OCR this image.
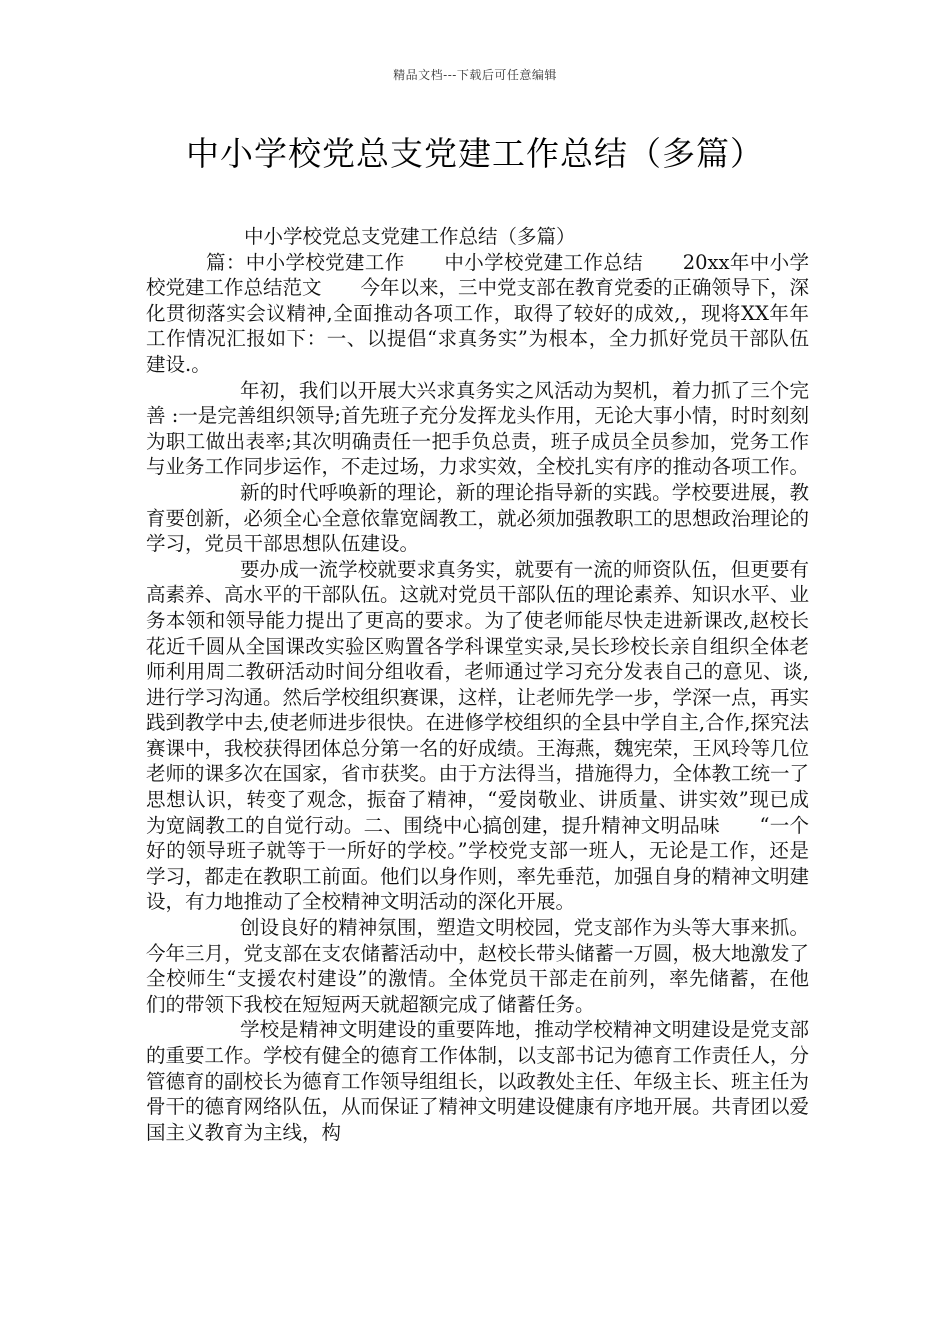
精品文档---下载后可任意编辑
中小学校党总支党建工作总结（多篇）

中小学校党总支党建工作总结（多篇）

篇：中小学校党建工作　　中小学校党建工作总结　　20xx年中小学校党建工作总结范文　　今年以来，三中党支部在教育党委的正确领导下，深化贯彻落实会议精神,全面推动各项工作，取得了较好的成效,，现将XX年年工作情况汇报如下：一、以提倡“求真务实”为根本，全力抓好党员干部队伍建设.。

年初，我们以开展大兴求真务实之风活动为契机，着力抓了三个完善 :一是完善组织领导;首先班子充分发挥龙头作用，无论大事小情，时时刻刻为职工做出表率;其次明确责任一把手负总责，班子成员全员参加，党务工作与业务工作同步运作，不走过场，力求实效，全校扎实有序的推动各项工作。

新的时代呼唤新的理论，新的理论指导新的实践。学校要进展，教育要创新，必须全心全意依靠宽阔教工，就必须加强教职工的思想政治理论的学习，党员干部思想队伍建设。

要办成一流学校就要求真务实，就要有一流的师资队伍，但更要有高素养、高水平的干部队伍。这就对党员干部队伍的理论素养、知识水平、业务本领和领导能力提出了更高的要求。为了使老师能尽快走进新课改,赵校长花近千圆从全国课改实验区购置各学科课堂实录,吴长珍校长亲自组织全体老师利用周二教研活动时间分组收看，老师通过学习充分发表自己的意见、谈,进行学习沟通。然后学校组织赛课，这样，让老师先学一步，学深一点，再实践到教学中去,使老师进步很快。在进修学校组织的全县中学自主,合作,探究法赛课中，我校获得团体总分第一名的好成绩。王海燕，魏宪荣，王风玲等几位老师的课多次在国家，省市获奖。由于方法得当，措施得力，全体教工统一了思想认识，转变了观念，振奋了精神，“爱岗敬业、讲质量、讲实效”现已成为宽阔教工的自觉行动。二、围绕中心搞创建，提升精神文明品味　　“一个好的领导班子就等于一所好的学校。”学校党支部一班人，无论是工作，还是学习，都走在教职工前面。他们以身作则，率先垂范，加强自身的精神文明建设，有力地推动了全校精神文明活动的深化开展。

创设良好的精神氛围，塑造文明校园，党支部作为头等大事来抓。今年三月，党支部在支农储蓄活动中，赵校长带头储蓄一万圆，极大地激发了全校师生“支援农村建设”的激情。全体党员干部走在前列，率先储蓄，在他们的带领下我校在短短两天就超额完成了储蓄任务。

学校是精神文明建设的重要阵地，推动学校精神文明建设是党支部的重要工作。学校有健全的德育工作体制，以支部书记为德育工作责任人，分管德育的副校长为德育工作领导组组长，以政教处主任、年级主长、班主任为骨干的德育网络队伍，从而保证了精神文明建设健康有序地开展。共青团以爱国主义教育为主线，构
